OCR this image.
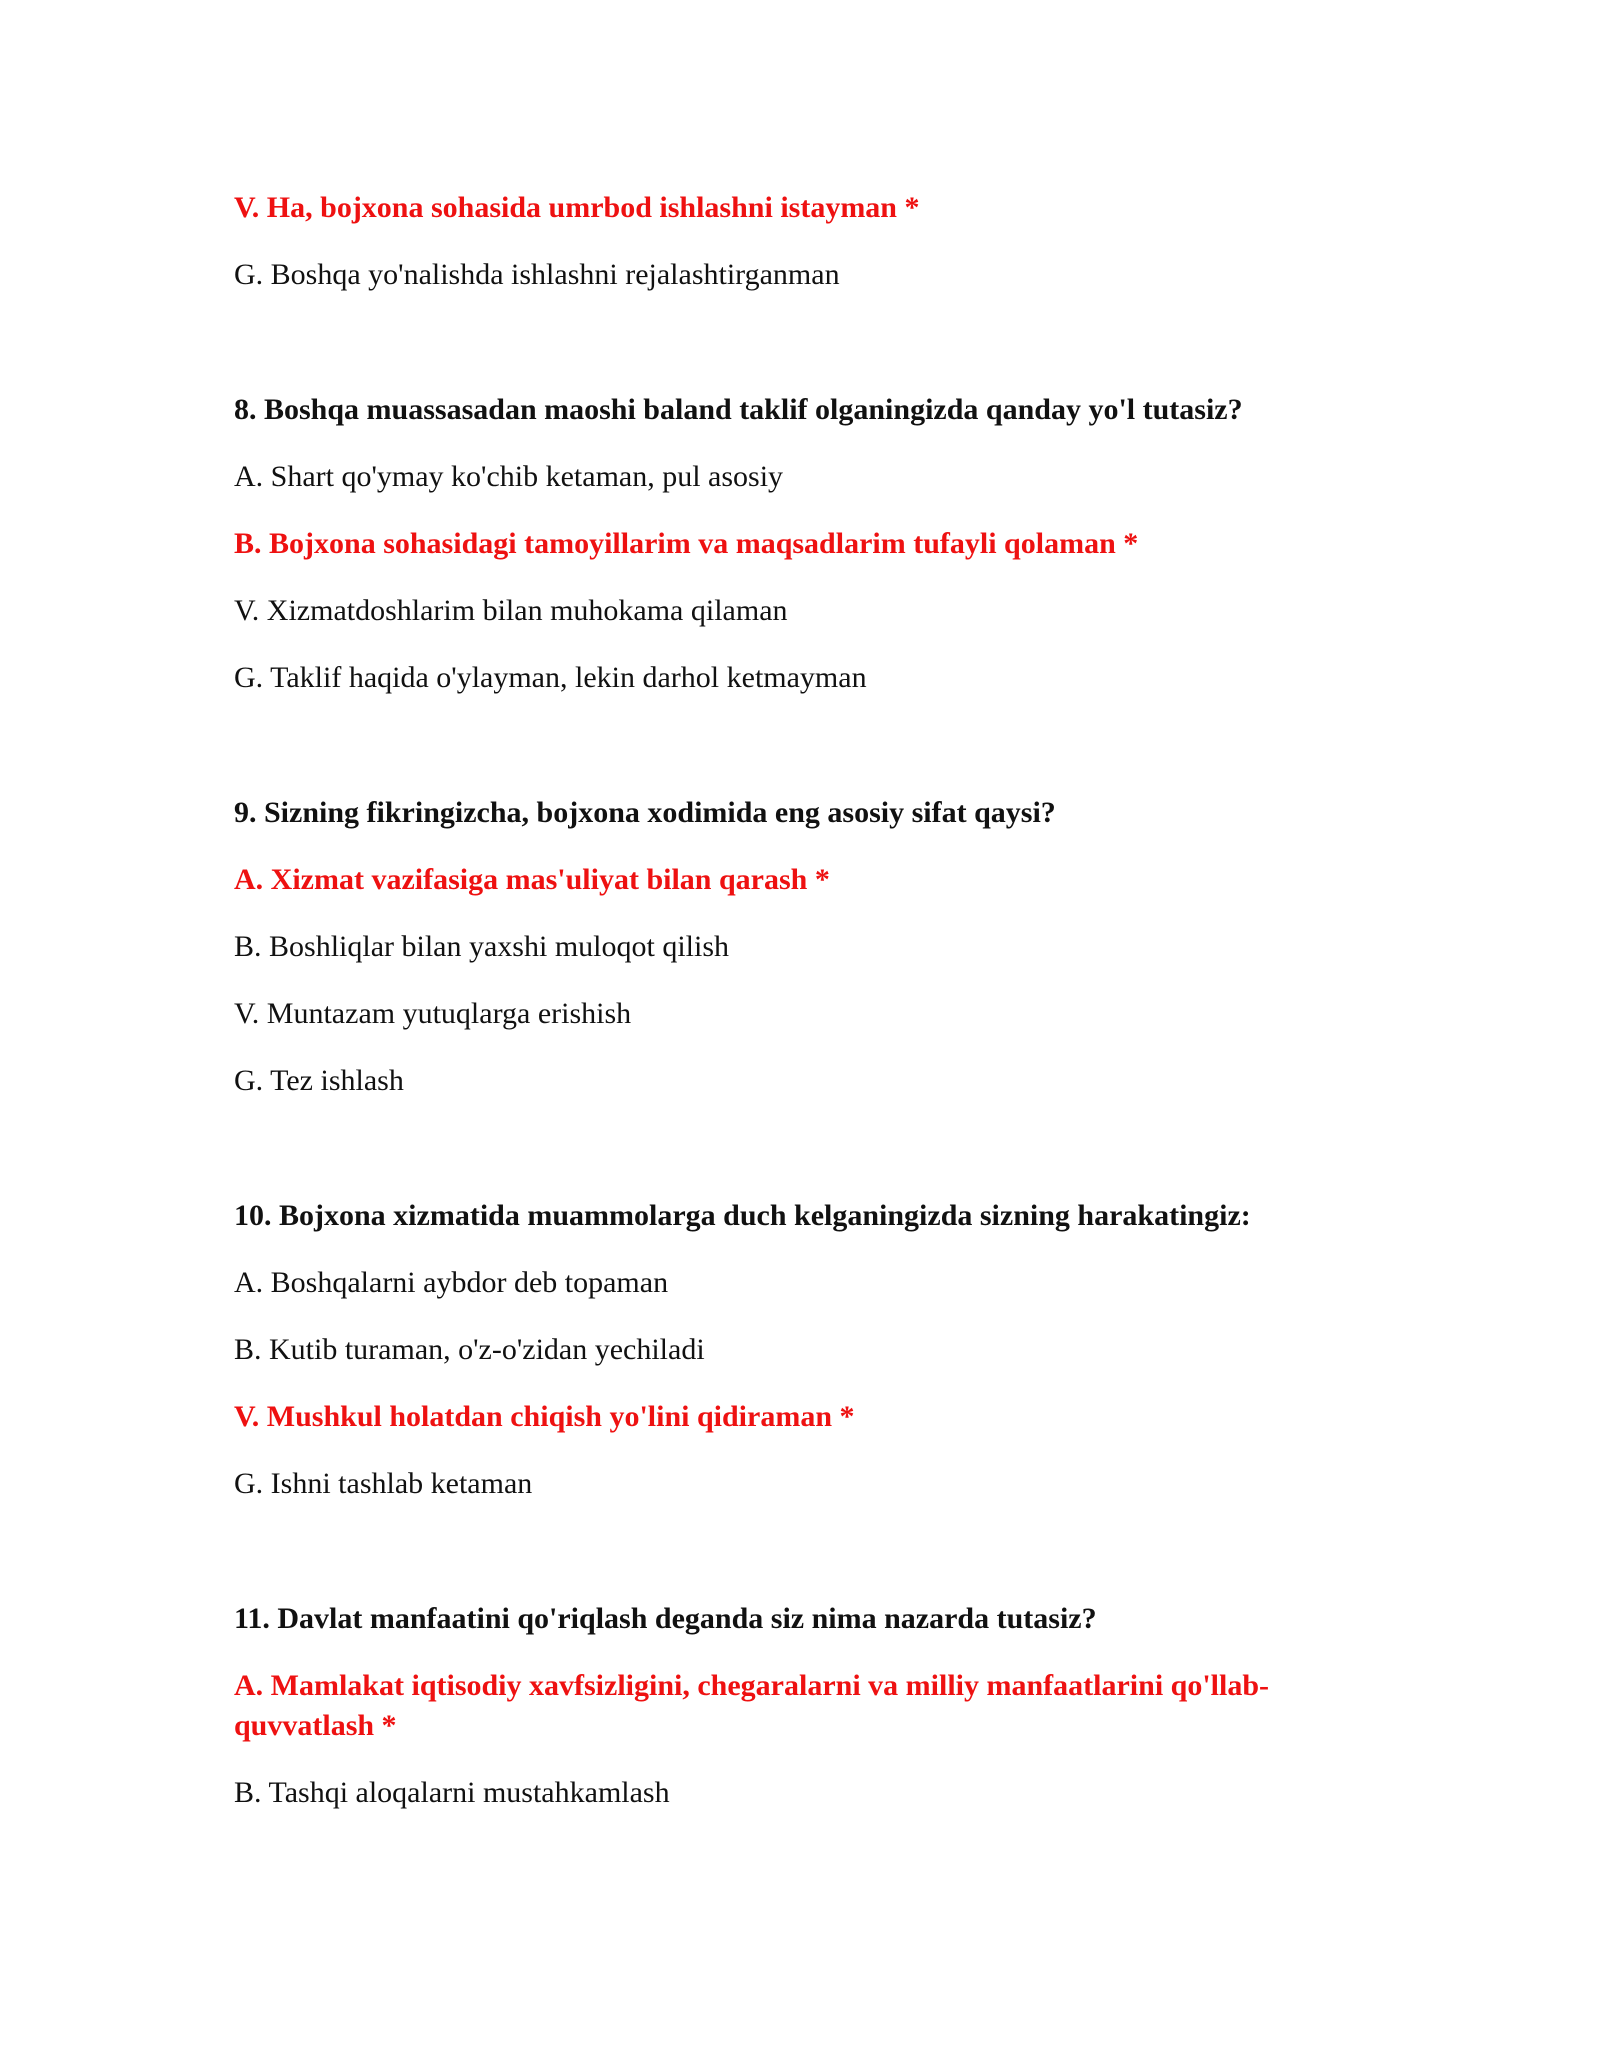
V. Ha, bojxona sohasida umrbod ishlashni istayman *

G. Boshqa yo'nalishda ishlashni rejalashtirganman

8. Boshqa muassasadan maoshi baland taklif olganingizda qanday yo'l tutasiz?

A. Shart qo'ymay ko'chib ketaman, pul asosiy

B. Bojxona sohasidagi tamoyillarim va maqsadlarim tufayli qolaman *

V. Xizmatdoshlarim bilan muhokama qilaman

G. Taklif haqida o'ylayman, lekin darhol ketmayman

9. Sizning fikringizcha, bojxona xodimida eng asosiy sifat qaysi?

A. Xizmat vazifasiga mas'uliyat bilan qarash *

B. Boshliqlar bilan yaxshi muloqot qilish

V. Muntazam yutuqlarga erishish

G. Tez ishlash

10. Bojxona xizmatida muammolarga duch kelganingizda sizning harakatingiz:

A. Boshqalarni aybdor deb topaman

B. Kutib turaman, o'z-o'zidan yechiladi

V. Mushkul holatdan chiqish yo'lini qidiraman *

G. Ishni tashlab ketaman

11. Davlat manfaatini qo'riqlash deganda siz nima nazarda tutasiz?

A. Mamlakat iqtisodiy xavfsizligini, chegaralarni va milliy manfaatlarini qo'llab-quvvatlash *

B. Tashqi aloqalarni mustahkamlash
